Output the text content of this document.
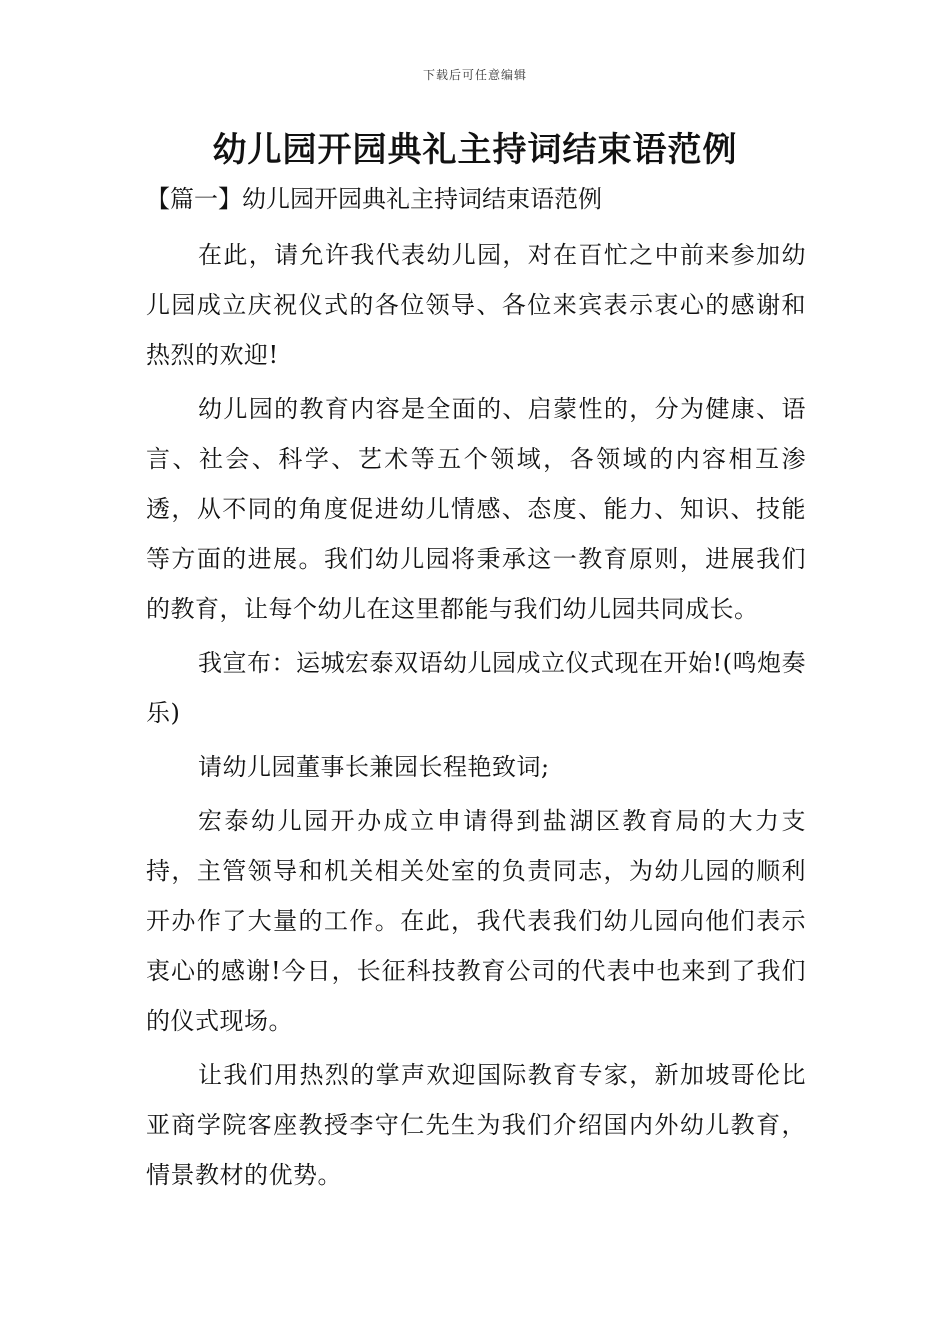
下载后可任意编辑
幼儿园开园典礼主持词结束语范例
【篇一】幼儿园开园典礼主持词结束语范例

在此，请允许我代表幼儿园，对在百忙之中前来参加幼儿园成立庆祝仪式的各位领导、各位来宾表示衷心的感谢和热烈的欢迎!

幼儿园的教育内容是全面的、启蒙性的，分为健康、语言、社会、科学、艺术等五个领域，各领域的内容相互渗透，从不同的角度促进幼儿情感、态度、能力、知识、技能等方面的进展。我们幼儿园将秉承这一教育原则，进展我们的教育，让每个幼儿在这里都能与我们幼儿园共同成长。

我宣布：运城宏泰双语幼儿园成立仪式现在开始!(鸣炮奏乐)

请幼儿园董事长兼园长程艳致词;

宏泰幼儿园开办成立申请得到盐湖区教育局的大力支持，主管领导和机关相关处室的负责同志，为幼儿园的顺利开办作了大量的工作。在此，我代表我们幼儿园向他们表示衷心的感谢!今日，长征科技教育公司的代表中也来到了我们的仪式现场。

让我们用热烈的掌声欢迎国际教育专家，新加坡哥伦比亚商学院客座教授李守仁先生为我们介绍国内外幼儿教育，情景教材的优势。
